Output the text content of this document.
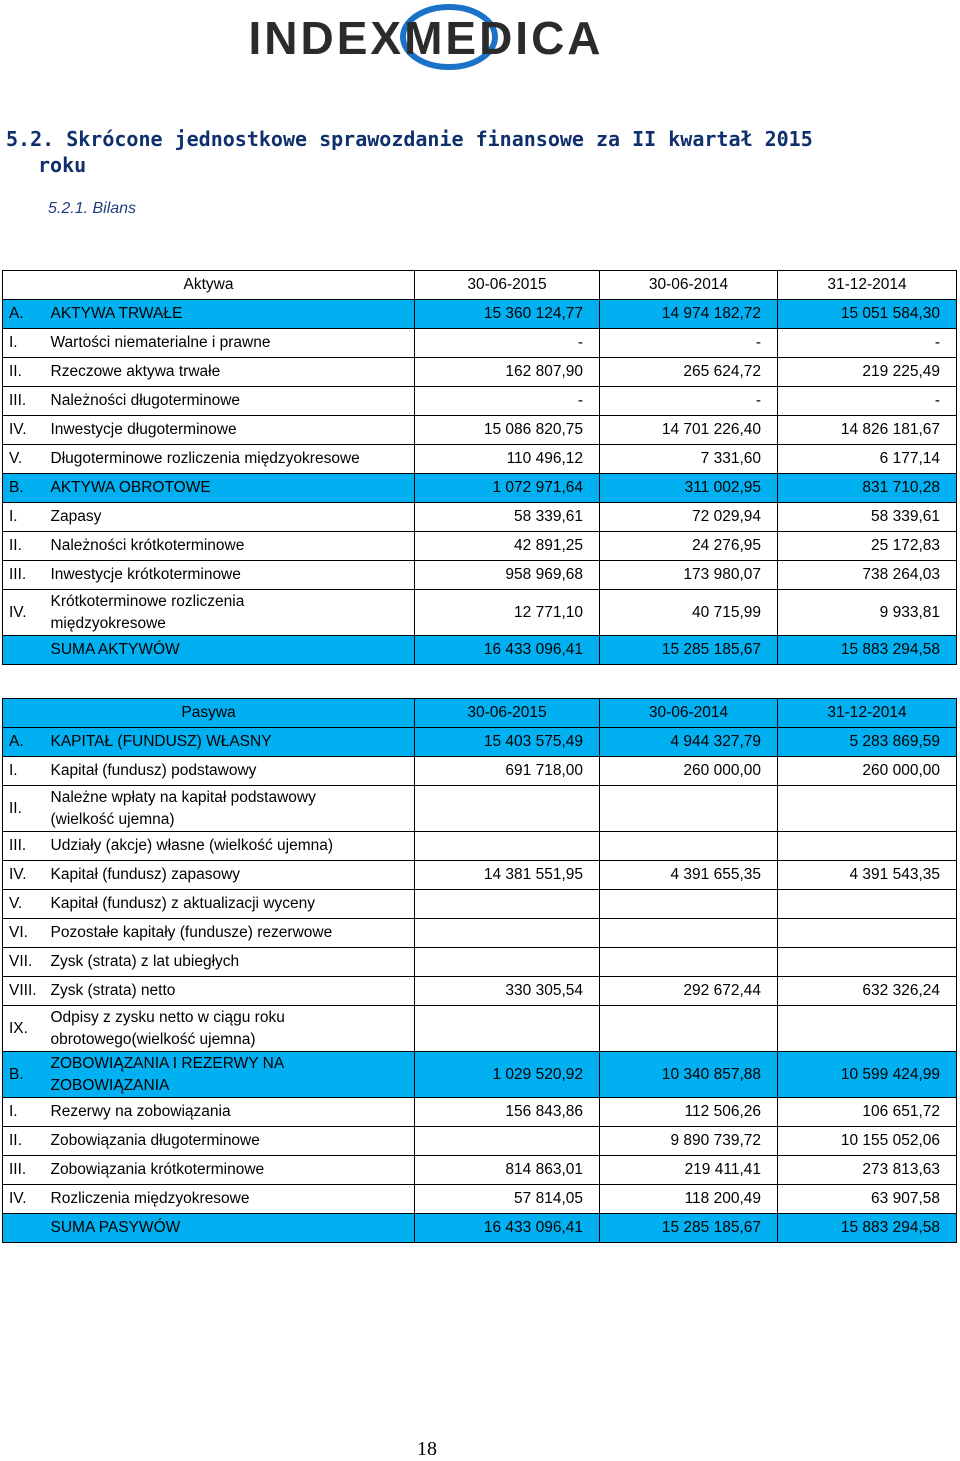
INDEXMEDICA
5.2. Skrócone jednostkowe sprawozdanie finansowe za II kwartał 2015
roku
5.2.1. Bilans
Aktywa		30-06-2015	30-06-2014	31-12-2014
A.	AKTYWA TRWAŁE	15 360 124,77	14 974 182,72	15 051 584,30
I.	Wartości niematerialne i prawne	-	-	-
II.	Rzeczowe aktywa trwałe	162 807,90	265 624,72	219 225,49
III.	Należności długoterminowe	-	-	-
IV.	Inwestycje długoterminowe	15 086 820,75	14 701 226,40	14 826 181,67
V.	Długoterminowe rozliczenia międzyokresowe	110 496,12	7 331,60	6 177,14
B.	AKTYWA OBROTOWE	1 072 971,64	311 002,95	831 710,28
I.	Zapasy	58 339,61	72 029,94	58 339,61
II.	Należności krótkoterminowe	42 891,25	24 276,95	25 172,83
III.	Inwestycje krótkoterminowe	958 969,68	173 980,07	738 264,03
IV.	Krótkoterminowe rozliczenia międzyokresowe	12 771,10	40 715,99	9 933,81
	SUMA AKTYWÓW	16 433 096,41	15 285 185,67	15 883 294,58
Pasywa		30-06-2015	30-06-2014	31-12-2014
A.	KAPITAŁ (FUNDUSZ) WŁASNY	15 403 575,49	4 944 327,79	5 283 869,59
I.	Kapitał (fundusz) podstawowy	691 718,00	260 000,00	260 000,00
II.	Należne wpłaty na kapitał podstawowy (wielkość ujemna)			
III.	Udziały (akcje) własne (wielkość ujemna)			
IV.	Kapitał (fundusz) zapasowy	14 381 551,95	4 391 655,35	4 391 543,35
V.	Kapitał (fundusz) z aktualizacji wyceny			
VI.	Pozostałe kapitały (fundusze) rezerwowe			
VII.	Zysk (strata) z lat ubiegłych			
VIII.	Zysk (strata) netto	330 305,54	292 672,44	632 326,24
IX.	Odpisy z zysku netto w ciągu roku obrotowego(wielkość ujemna)			
B.	ZOBOWIĄZANIA I REZERWY NA ZOBOWIĄZANIA	1 029 520,92	10 340 857,88	10 599 424,99
I.	Rezerwy na zobowiązania	156 843,86	112 506,26	106 651,72
II.	Zobowiązania długoterminowe		9 890 739,72	10 155 052,06
III.	Zobowiązania krótkoterminowe	814 863,01	219 411,41	273 813,63
IV.	Rozliczenia międzyokresowe	57 814,05	118 200,49	63 907,58
	SUMA PASYWÓW	16 433 096,41	15 285 185,67	15 883 294,58
18
